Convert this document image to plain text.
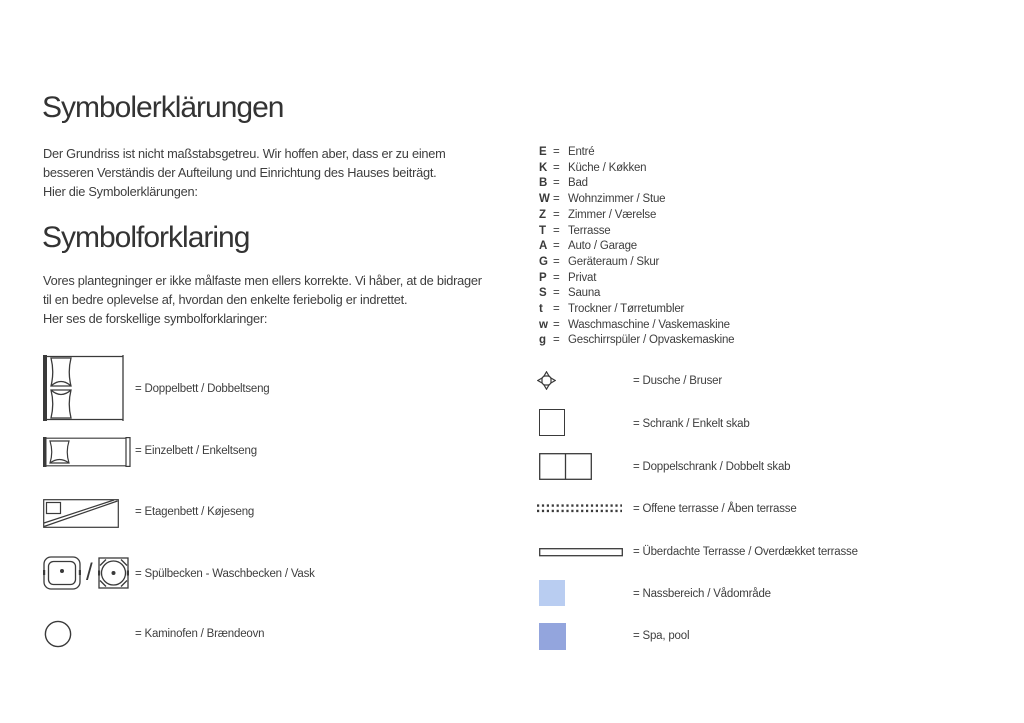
Symbolerklärungen
Der Grundriss ist nicht maßstabsgetreu. Wir hoffen aber, dass er zu einem
besseren Verständis der Aufteilung und Einrichtung des Hauses beiträgt.
Hier die Symbolerklärungen:
Symbolforklaring
Vores plantegninger er ikke målfaste men ellers korrekte. Vi håber, at de bidrager
til en bedre oplevelse af, hvordan den enkelte feriebolig er indrettet.
Her ses de forskellige symbolforklaringer:
E = Entré
K = Küche / Køkken
B = Bad
W = Wohnzimmer / Stue
Z = Zimmer / Værelse
T = Terrasse
A = Auto / Garage
G = Geräteraum / Skur
P = Privat
S = Sauna
t = Trockner / Tørretumbler
w = Waschmaschine / Vaskemaskine
g = Geschirrspüler / Opvaskemaskine
= Doppelbett / Dobbeltseng
= Einzelbett / Enkeltseng
= Etagenbett / Køjeseng
/	= Spülbecken - Waschbecken / Vask
= Kaminofen / Brændeovn
= Dusche / Bruser
= Schrank / Enkelt skab
= Doppelschrank / Dobbelt skab
= Offene terrasse / Åben terrasse
= Überdachte Terrasse / Overdækket terrasse
= Nassbereich / Vådområde
= Spa, pool
